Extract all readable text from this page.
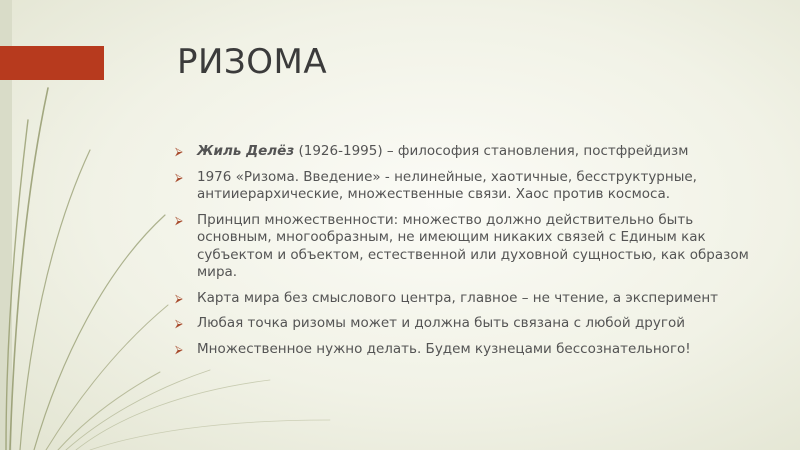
РИЗОМА
⮚ Жиль Делёз (1926-1995) – философия становления, постфрейдизм
⮚ 1976 «Ризома. Введение» - нелинейные, хаотичные, бесструктурные, антииерархические, множественные связи. Хаос против космоса.
⮚ Принцип множественности: множество должно действительно быть основным, многообразным, не имеющим никаких связей с Единым как субъектом и объектом, естественной или духовной сущностью, как образом мира.
⮚ Карта мира без смыслового центра, главное – не чтение, а эксперимент
⮚ Любая точка ризомы может и должна быть связана с любой другой
⮚ Множественное нужно делать. Будем кузнецами бессознательного!
